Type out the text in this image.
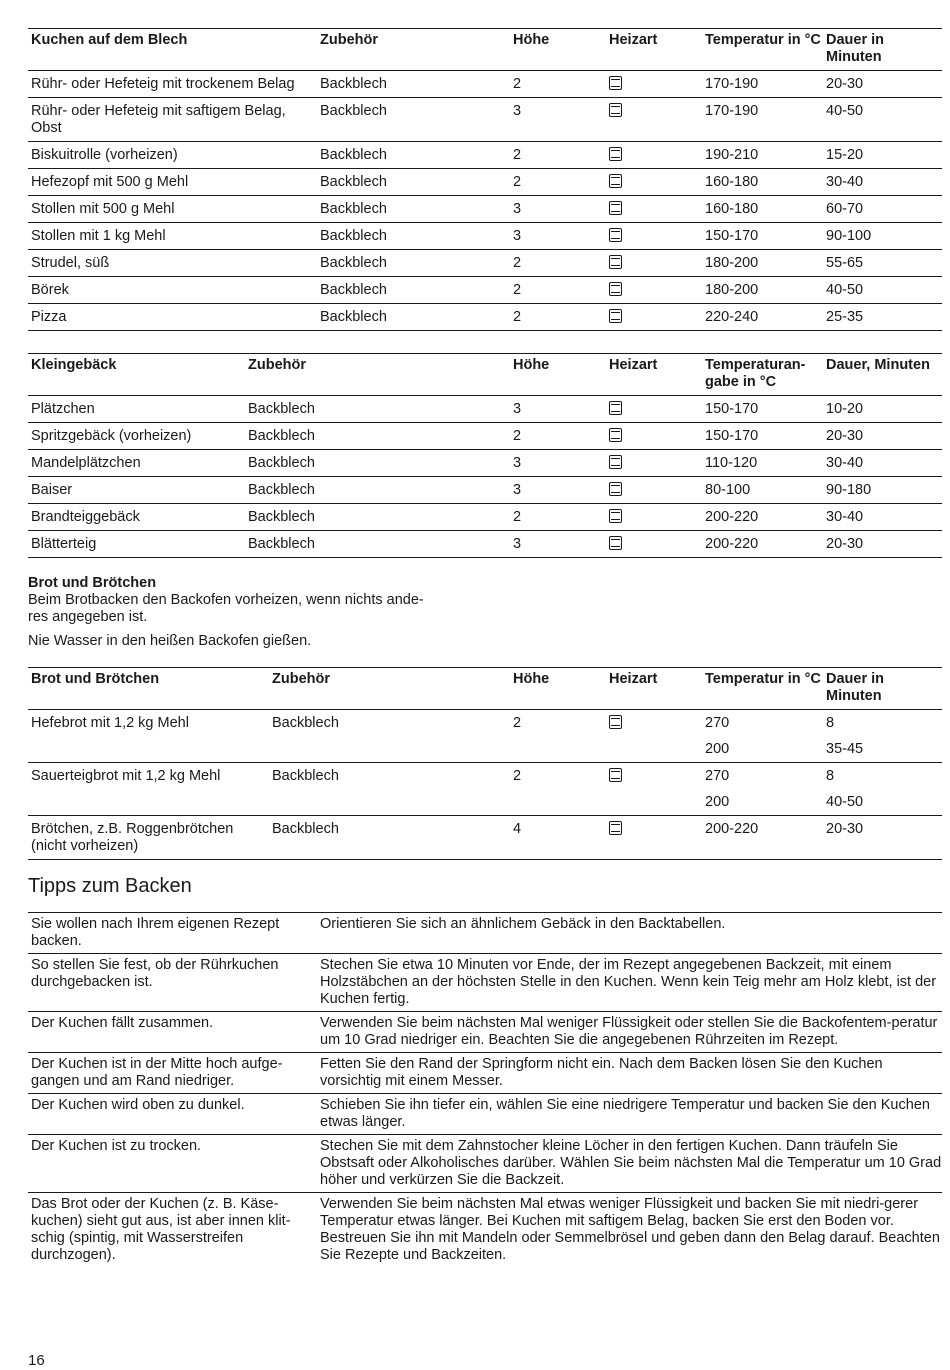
Kuchen auf dem Blech	Zubehör	Höhe	Heizart	Temperatur in °C	Dauer in Minuten
Rühr- oder Hefeteig mit trockenem Belag	Backblech	2		170-190	20-30
Rühr- oder Hefeteig mit saftigem Belag, Obst	Backblech	3		170-190	40-50
Biskuitrolle (vorheizen)	Backblech	2		190-210	15-20
Hefezopf mit 500 g Mehl	Backblech	2		160-180	30-40
Stollen mit 500 g Mehl	Backblech	3		160-180	60-70
Stollen mit 1 kg Mehl	Backblech	3		150-170	90-100
Strudel, süß	Backblech	2		180-200	55-65
Börek	Backblech	2		180-200	40-50
Pizza	Backblech	2		220-240	25-35
Kleingebäck	Zubehör	Höhe	Heizart	Temperaturan-gabe in °C	Dauer, Minuten
Plätzchen	Backblech	3		150-170	10-20
Spritzgebäck (vorheizen)	Backblech	2		150-170	20-30
Mandelplätzchen	Backblech	3		110-120	30-40
Baiser	Backblech	3		80-100	90-180
Brandteiggebäck	Backblech	2		200-220	30-40
Blätterteig	Backblech	3		200-220	20-30
Brot und Brötchen

Beim Brotbacken den Backofen vorheizen, wenn nichts ande-

res angegeben ist.

Nie Wasser in den heißen Backofen gießen.

Brot und Brötchen	Zubehör	Höhe	Heizart	Temperatur in °C	Dauer in Minuten
Hefebrot mit 1,2 kg Mehl	Backblech	2		270	8
				200	35-45
Sauerteigbrot mit 1,2 kg Mehl	Backblech	2		270	8
				200	40-50
Brötchen, z.B. Roggenbrötchen (nicht vorheizen)	Backblech	4		200-220	20-30
Tipps zum Backen
Sie wollen nach Ihrem eigenen Rezept backen.	Orientieren Sie sich an ähnlichem Gebäck in den Backtabellen.
So stellen Sie fest, ob der Rührkuchen durchgebacken ist.	Stechen Sie etwa 10 Minuten vor Ende, der im Rezept angegebenen Backzeit, mit einem Holzstäbchen an der höchsten Stelle in den Kuchen. Wenn kein Teig mehr am Holz klebt, ist der Kuchen fertig.
Der Kuchen fällt zusammen.	Verwenden Sie beim nächsten Mal weniger Flüssigkeit oder stellen Sie die Backofentem-peratur um 10 Grad niedriger ein. Beachten Sie die angegebenen Rührzeiten im Rezept.
Der Kuchen ist in der Mitte hoch aufge-gangen und am Rand niedriger.	Fetten Sie den Rand der Springform nicht ein. Nach dem Backen lösen Sie den Kuchen vorsichtig mit einem Messer.
Der Kuchen wird oben zu dunkel.	Schieben Sie ihn tiefer ein, wählen Sie eine niedrigere Temperatur und backen Sie den Kuchen etwas länger.
Der Kuchen ist zu trocken.	Stechen Sie mit dem Zahnstocher kleine Löcher in den fertigen Kuchen. Dann träufeln Sie Obstsaft oder Alkoholisches darüber. Wählen Sie beim nächsten Mal die Temperatur um 10 Grad höher und verkürzen Sie die Backzeit.
Das Brot oder der Kuchen (z. B. Käse-kuchen) sieht gut aus, ist aber innen klit-schig (spintig, mit Wasserstreifen durchzogen).	Verwenden Sie beim nächsten Mal etwas weniger Flüssigkeit und backen Sie mit niedri-gerer Temperatur etwas länger. Bei Kuchen mit saftigem Belag, backen Sie erst den Boden vor. Bestreuen Sie ihn mit Mandeln oder Semmelbrösel und geben dann den Belag darauf. Beachten Sie Rezepte und Backzeiten.
16
